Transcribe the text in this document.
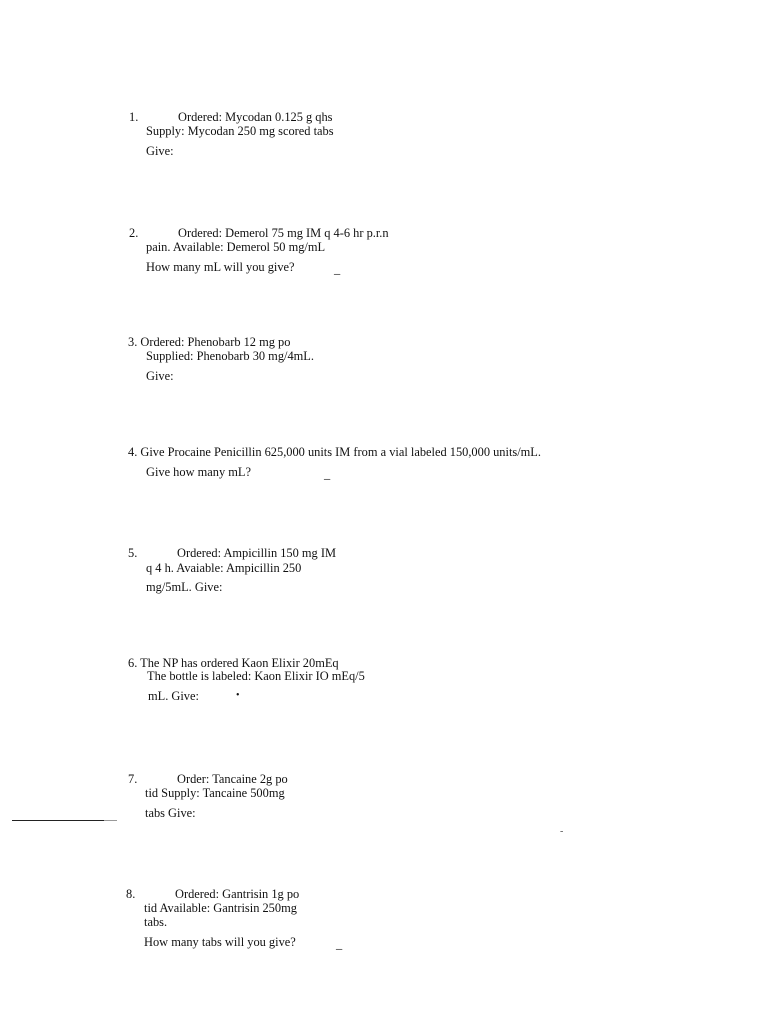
1.	Ordered: Mycodan 0.125 g qhs
Supply: Mycodan 250 mg scored tabs
Give:
2.	Ordered: Demerol 75 mg IM q 4-6 hr p.r.n
pain. Available: Demerol 50 mg/mL
How many mL will you give?	_
3. Ordered: Phenobarb 12 mg po
Supplied: Phenobarb 30 mg/4mL.
Give:
4. Give Procaine Penicillin 625,000 units IM from a vial labeled 150,000 units/mL.
Give how many mL?	_
5.	Ordered: Ampicillin 150 mg IM
q 4 h. Avaiable: Ampicillin 250
mg/5mL. Give:
6. The NP has ordered Kaon Elixir 20mEq
The bottle is labeled: Kaon Elixir IO mEq/5
mL. Give:	•
7.	Order: Tancaine 2g po
tid Supply: Tancaine 500mg
tabs Give:
-
8.	Ordered: Gantrisin 1g po
tid Available: Gantrisin 250mg
tabs.
How many tabs will you give?	_
